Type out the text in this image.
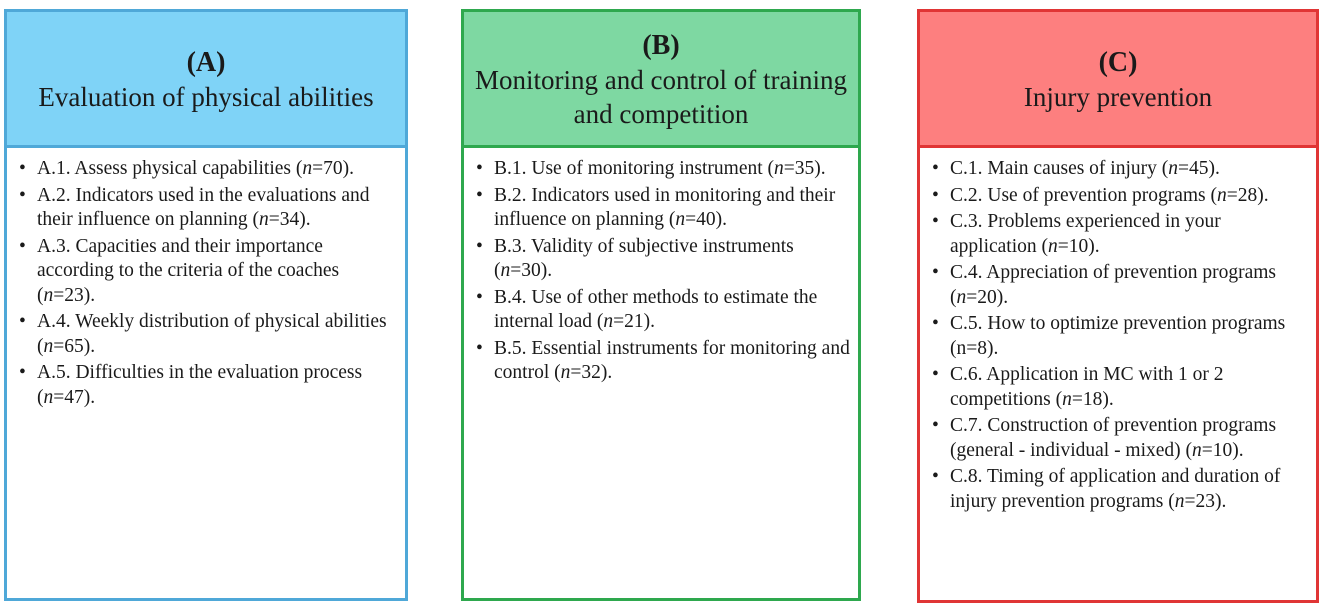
(A)
Evaluation of physical abilities
• A.1. Assess physical capabilities (n=70).
• A.2. Indicators used in the evaluations and their influence on planning (n=34).
• A.3. Capacities and their importance according to the criteria of the coaches (n=23).
• A.4. Weekly distribution of physical abilities (n=65).
• A.5. Difficulties in the evaluation process (n=47).
(B)
Monitoring and control of training and competition
• B.1. Use of monitoring instrument (n=35).
• B.2. Indicators used in monitoring and their influence on planning (n=40).
• B.3. Validity of subjective instruments (n=30).
• B.4. Use of other methods to estimate the internal load (n=21).
• B.5. Essential instruments for monitoring and control (n=32).
(C)
Injury prevention
• C.1. Main causes of injury (n=45).
• C.2. Use of prevention programs (n=28).
• C.3. Problems experienced in your application (n=10).
• C.4. Appreciation of prevention programs (n=20).
• C.5. How to optimize prevention programs (n=8).
• C.6. Application in MC with 1 or 2 competitions (n=18).
• C.7. Construction of prevention programs (general - individual - mixed) (n=10).
• C.8. Timing of application and duration of injury prevention programs (n=23).
